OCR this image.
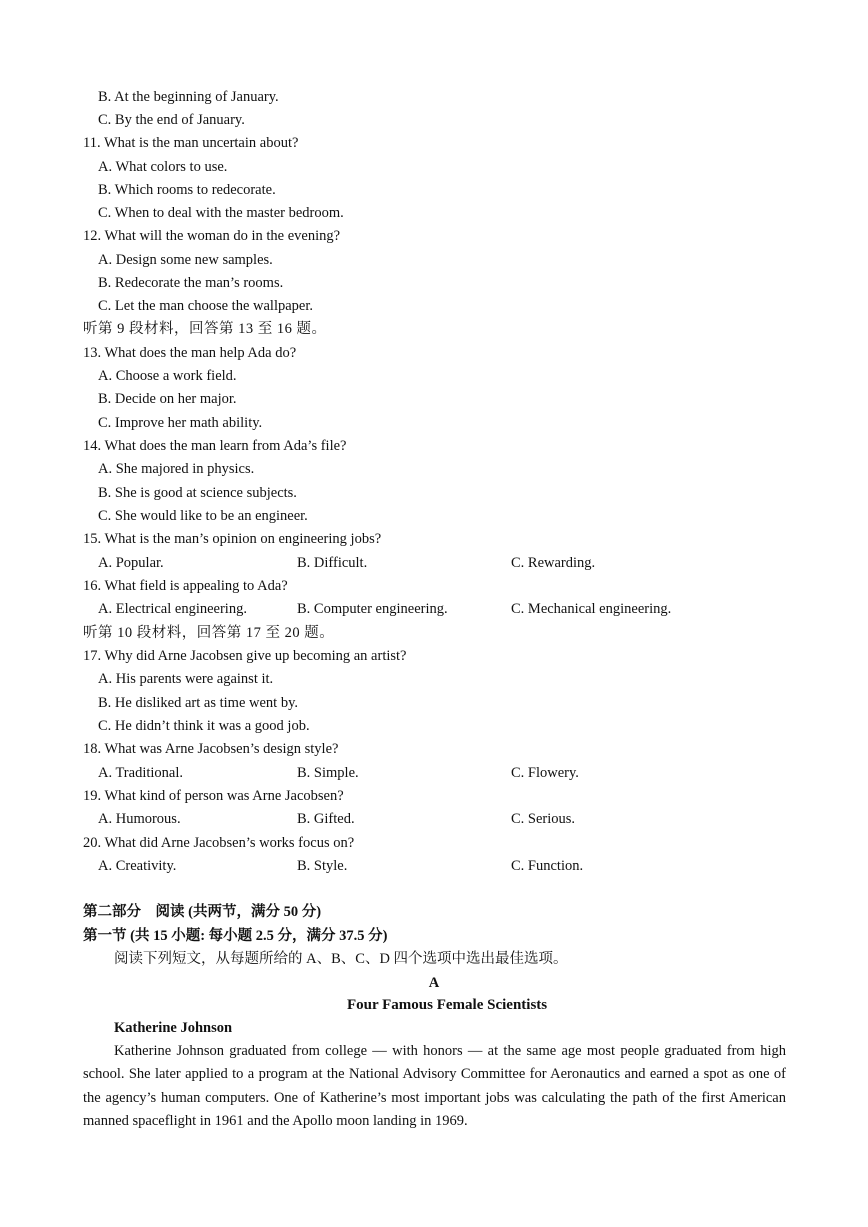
B. At the beginning of January.
C. By the end of January.
11. What is the man uncertain about?
A. What colors to use.
B. Which rooms to redecorate.
C. When to deal with the master bedroom.
12. What will the woman do in the evening?
A. Design some new samples.
B. Redecorate the man’s rooms.
C. Let the man choose the wallpaper.
听第 9 段材料，回答第 13 至 16 题。
13. What does the man help Ada do?
A. Choose a work field.
B. Decide on her major.
C. Improve her math ability.
14. What does the man learn from Ada’s file?
A. She majored in physics.
B. She is good at science subjects.
C. She would like to be an engineer.
15. What is the man’s opinion on engineering jobs?
A. Popular.	B. Difficult.	C. Rewarding.
16. What field is appealing to Ada?
A. Electrical engineering.	B. Computer engineering.	C. Mechanical engineering.
听第 10 段材料，回答第 17 至 20 题。
17. Why did Arne Jacobsen give up becoming an artist?
A. His parents were against it.
B. He disliked art as time went by.
C. He didn’t think it was a good job.
18. What was Arne Jacobsen’s design style?
A. Traditional.	B. Simple.	C. Flowery.
19. What kind of person was Arne Jacobsen?
A. Humorous.	B. Gifted.	C. Serious.
20. What did Arne Jacobsen’s works focus on?
A. Creativity.	B. Style.	C. Function.
第二部分　阅读 (共两节，满分 50 分)
第一节 (共 15 小题: 每小题 2.5 分，满分 37.5 分)
阅读下列短文，从每题所给的 A、B、C、D 四个选项中选出最佳选项。
A
Four Famous Female Scientists
Katherine Johnson
Katherine Johnson graduated from college — with honors — at the same age most people graduated from high school. She later applied to a program at the National Advisory Committee for Aeronautics and earned a spot as one of the agency’s human computers. One of Katherine’s most important jobs was calculating the path of the first American manned spaceflight in 1961 and the Apollo moon landing in 1969.
